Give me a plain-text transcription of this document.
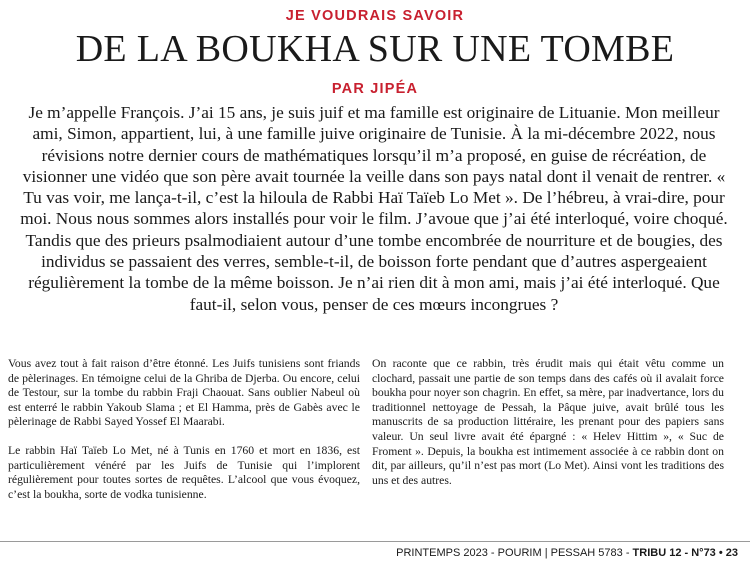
JE VOUDRAIS SAVOIR
DE LA BOUKHA SUR UNE TOMBE
PAR JIPÉA
Je m’appelle François. J’ai 15 ans, je suis juif et ma famille est originaire de Lituanie. Mon meilleur ami, Simon, appartient, lui, à une famille juive originaire de Tunisie. À la mi-décembre 2022, nous révisions notre dernier cours de mathématiques lorsqu’il m’a proposé, en guise de récréation, de visionner une vidéo que son père avait tournée la veille dans son pays natal dont il venait de rentrer. « Tu vas voir, me lança-t-il, c’est la hiloula de Rabbi Haï Taïeb Lo Met ». De l’hébreu, à vrai-dire, pour moi. Nous nous sommes alors installés pour voir le film. J’avoue que j’ai été interloqué, voire choqué. Tandis que des prieurs psalmodiaient autour d’une tombe encombrée de nourriture et de bougies, des individus se passaient des verres, semble-t-il, de boisson forte pendant que d’autres aspergeaient régulièrement la tombe de la même boisson. Je n’ai rien dit à mon ami, mais j’ai été interloqué. Que faut-il, selon vous, penser de ces mœurs incongrues ?

Vous avez tout à fait raison d’être étonné. Les Juifs tunisiens sont friands de pèlerinages. En témoigne celui de la Ghriba de Djerba. Ou encore, celui de Testour, sur la tombe du rabbin Fraji Chaouat. Sans oublier Nabeul où est enterré le rabbin Yakoub Slama ; et El Hamma, près de Gabès avec le pèlerinage de Rabbi Sayed Yossef El Maarabi.

Le rabbin Haï Taïeb Lo Met, né à Tunis en 1760 et mort en 1836, est particulièrement vénéré par les Juifs de Tunisie qui l’implorent régulièrement pour toutes sortes de requêtes. L’alcool que vous évoquez, c’est la boukha, sorte de vodka tunisienne.

On raconte que ce rabbin, très érudit mais qui était vêtu comme un clochard, passait une partie de son temps dans des cafés où il avalait force boukha pour noyer son chagrin. En effet, sa mère, par inadvertance, lors du traditionnel nettoyage de Pessah, la Pâque juive, avait brûlé tous les manuscrits de sa production littéraire, les prenant pour des papiers sans valeur. Un seul livre avait été épargné : « Helev Hittim », « Suc de Froment ». Depuis, la boukha est intimement associée à ce rabbin dont on dit, par ailleurs, qu’il n’est pas mort (Lo Met). Ainsi vont les traditions des uns et des autres.

PRINTEMPS 2023 - POURIM | PESSAH 5783 - TRIBU 12 - N°73 • 23
